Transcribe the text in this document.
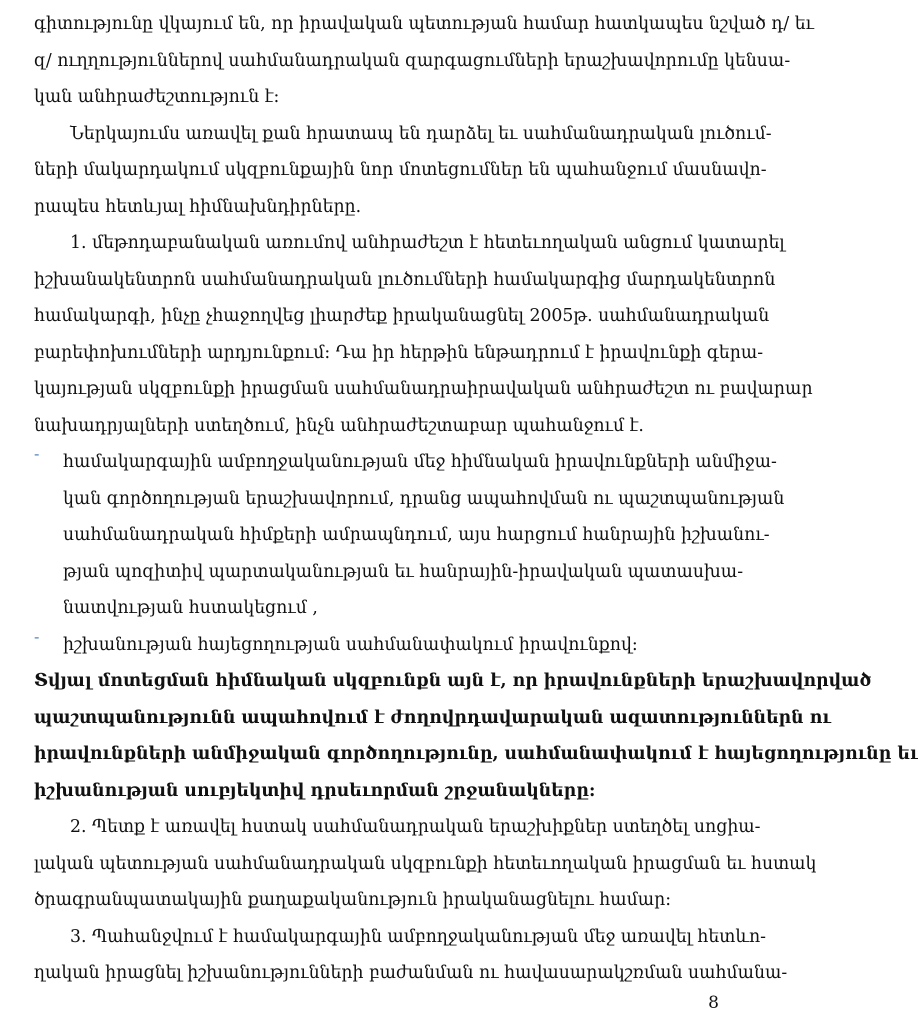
գիտությունը վկայում են, որ իրավական պետության համար հատկապես նշված դ/ եւ
զ/ ուղղություններով սահմանադրական զարգացումների երաշխավորումը կենսա-
կան անհրաժեշտություն է:
Ներկայումս առավել քան հրատապ են դարձել եւ սահմանադրական լուծում-
ների մակարդակում սկզբունքային նոր մոտեցումներ են պահանջում մասնավո-
րապես հետևյալ հիմնախնդիրները.
1. մեթոդաբանական առումով անհրաժեշտ է հետեւողական անցում կատարել
իշխանակենտրոն սահմանադրական լուծումների համակարգից մարդակենտրոն
համակարգի, ինչը չհաջողվեց լիարժեք իրականացնել 2005թ. սահմանադրական
բարեփոխումների արդյունքում: Դա իր հերթին ենթադրում է իրավունքի գերա-
կայության սկզբունքի իրացման սահմանադրաիրավական անհրաժեշտ ու բավարար
նախադրյալների ստեղծում, ինչն անհրաժեշտաբար պահանջում է.
-	համակարգային ամբողջականության մեջ հիմնական իրավունքների անմիջա-
կան գործողության երաշխավորում, դրանց ապահովման ու պաշտպանության
սահմանադրական հիմքերի ամրապնդում, այս հարցում հանրային իշխանու-
թյան պոզիտիվ պարտականության եւ հանրային-իրավական պատասխա-
նատվության հստակեցում ,
-	իշխանության հայեցողության սահմանափակում իրավունքով:
Տվյալ մոտեցման հիմնական սկզբունքն այն է, որ իրավունքների երաշխավորված
պաշտպանությունն ապահովում է ժողովրդավարական ազատություններն ու
իրավունքների անմիջական գործողությունը, սահմանափակում է հայեցողությունը եւ
իշխանության սուբյեկտիվ դրսեւորման շրջանակները:
2. Պետք է առավել հստակ սահմանադրական երաշխիքներ ստեղծել սոցիա-
լական պետության սահմանադրական սկզբունքի հետեւողական իրացման եւ հստակ
ծրագրանպատակային քաղաքականություն իրականացնելու համար:
3. Պահանջվում է համակարգային ամբողջականության մեջ առավել հետևո-
ղական իրացնել իշխանությունների բաժանման ու հավասարակշռման սահմանա-
8
